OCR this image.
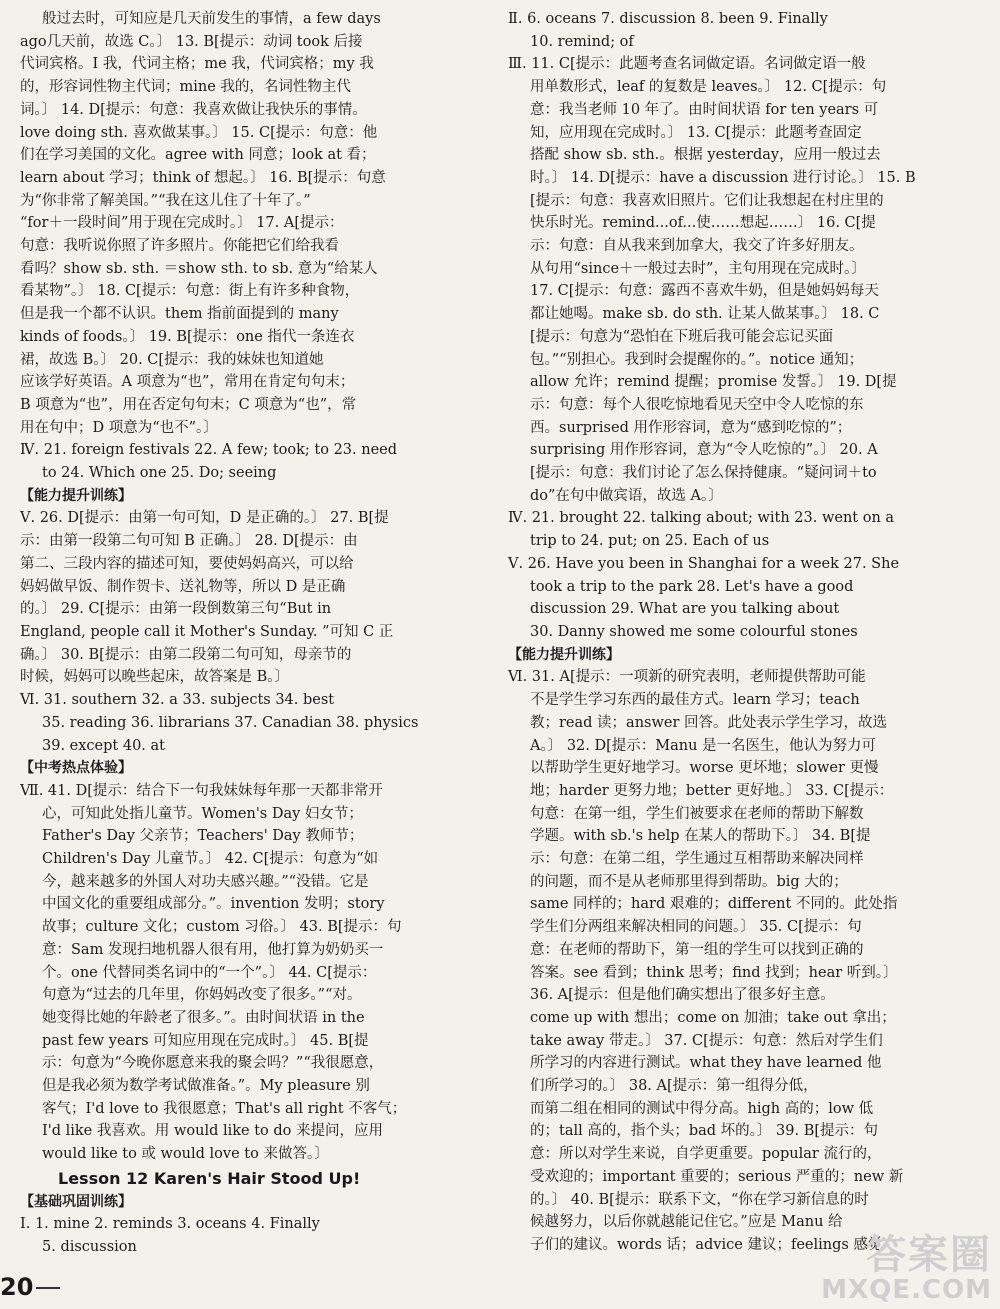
般过去时，可知应是几天前发生的事情，a few days

ago几天前，故选 C。〕 13. B[提示：动词 took 后接

代词宾格。I 我，代词主格；me 我，代词宾格；my 我

的，形容词性物主代词；mine 我的，名词性物主代

词。〕 14. D[提示：句意：我喜欢做让我快乐的事情。

love doing sth. 喜欢做某事。〕 15. C[提示：句意：他

们在学习美国的文化。agree with 同意；look at 看；

learn about 学习；think of 想起。〕 16. B[提示：句意

为“你非常了解美国。”“我在这儿住了十年了。”

“for＋一段时间”用于现在完成时。〕 17. A[提示：

句意：我听说你照了许多照片。你能把它们给我看

看吗？show sb. sth. ＝show sth. to sb. 意为“给某人

看某物”。〕 18. C[提示：句意：街上有许多种食物，

但是我一个都不认识。them 指前面提到的 many

kinds of foods。〕 19. B[提示：one 指代一条连衣

裙，故选 B。〕 20. C[提示：我的妹妹也知道她

应该学好英语。A 项意为“也”，常用在肯定句句末；

B 项意为“也”，用在否定句句末；C 项意为“也”，常

用在句中；D 项意为“也不”。〕

Ⅳ. 21. foreign festivals 22. A few; took; to 23. need

to 24. Which one 25. Do; seeing

【能力提升训练】

Ⅴ. 26. D[提示：由第一句可知，D 是正确的。〕 27. B[提

示：由第一段第二句可知 B 正确。〕 28. D[提示：由

第二、三段内容的描述可知，要使妈妈高兴，可以给

妈妈做早饭、制作贺卡、送礼物等，所以 D 是正确

的。〕 29. C[提示：由第一段倒数第三句“But in

England, people call it Mother's Sunday. ”可知 C 正

确。〕 30. B[提示：由第二段第二句可知，母亲节的

时候，妈妈可以晚些起床，故答案是 B。〕

Ⅵ. 31. southern 32. a 33. subjects 34. best

35. reading 36. librarians 37. Canadian 38. physics

39. except 40. at

【中考热点体验】

Ⅶ. 41. D[提示：结合下一句我妹妹每年那一天都非常开

心，可知此处指儿童节。Women's Day 妇女节；

Father's Day 父亲节；Teachers' Day 教师节；

Children's Day 儿童节。〕 42. C[提示：句意为“如

今，越来越多的外国人对功夫感兴趣。”“没错。它是

中国文化的重要组成部分。”。invention 发明；story

故事；culture 文化；custom 习俗。〕 43. B[提示：句

意：Sam 发现扫地机器人很有用，他打算为奶奶买一

个。one 代替同类名词中的“一个”。〕 44. C[提示：

句意为“过去的几年里，你妈妈改变了很多。”“对。

她变得比她的年龄老了很多。”。由时间状语 in the

past few years 可知应用现在完成时。〕 45. B[提

示：句意为“今晚你愿意来我的聚会吗？”“我很愿意，

但是我必须为数学考试做准备。”。My pleasure 别

客气；I'd love to 我很愿意；That's all right 不客气；

I'd like 我喜欢。用 would like to do 来提问，应用

would like to 或 would love to 来做答。〕

Lesson 12 Karen's Hair Stood Up!

【基础巩固训练】

Ⅰ. 1. mine 2. reminds 3. oceans 4. Finally

5. discussion

Ⅱ. 6. oceans 7. discussion 8. been 9. Finally

10. remind; of

Ⅲ. 11. C[提示：此题考查名词做定语。名词做定语一般

用单数形式，leaf 的复数是 leaves。〕 12. C[提示：句

意：我当老师 10 年了。由时间状语 for ten years 可

知，应用现在完成时。〕 13. C[提示：此题考查固定

搭配 show sb. sth.。根据 yesterday，应用一般过去

时。〕 14. D[提示：have a discussion 进行讨论。〕 15. B

[提示：句意：我喜欢旧照片。它们让我想起在村庄里的

快乐时光。remind...of...使……想起……〕 16. C[提

示：句意：自从我来到加拿大，我交了许多好朋友。

从句用“since＋一般过去时”，主句用现在完成时。〕

17. C[提示：句意：露西不喜欢牛奶，但是她妈妈每天

都让她喝。make sb. do sth. 让某人做某事。〕 18. C

[提示：句意为“恐怕在下班后我可能会忘记买面

包。”“别担心。我到时会提醒你的。”。notice 通知；

allow 允许；remind 提醒；promise 发誓。〕 19. D[提

示：句意：每个人很吃惊地看见天空中令人吃惊的东

西。surprised 用作形容词，意为“感到吃惊的”；

surprising 用作形容词，意为“令人吃惊的”。〕 20. A

[提示：句意：我们讨论了怎么保持健康。“疑问词＋to

do”在句中做宾语，故选 A。〕

Ⅳ. 21. brought 22. talking about; with 23. went on a

trip to 24. put; on 25. Each of us

Ⅴ. 26. Have you been in Shanghai for a week 27. She

took a trip to the park 28. Let's have a good

discussion 29. What are you talking about

30. Danny showed me some colourful stones

【能力提升训练】

Ⅵ. 31. A[提示：一项新的研究表明，老师提供帮助可能

不是学生学习东西的最佳方式。learn 学习；teach

教；read 读；answer 回答。此处表示学生学习，故选

A。〕 32. D[提示：Manu 是一名医生，他认为努力可

以帮助学生更好地学习。worse 更坏地；slower 更慢

地；harder 更努力地；better 更好地。〕 33. C[提示：

句意：在第一组，学生们被要求在老师的帮助下解数

学题。with sb.'s help 在某人的帮助下。〕 34. B[提

示：句意：在第二组，学生通过互相帮助来解决同样

的问题，而不是从老师那里得到帮助。big 大的；

same 同样的；hard 艰难的；different 不同的。此处指

学生们分两组来解决相同的问题。〕 35. C[提示：句

意：在老师的帮助下，第一组的学生可以找到正确的

答案。see 看到；think 思考；find 找到；hear 听到。〕

36. A[提示：但是他们确实想出了很多好主意。

come up with 想出；come on 加油；take out 拿出；

take away 带走。〕 37. C[提示：句意：然后对学生们

所学习的内容进行测试。what they have learned 他

们所学习的。〕 38. A[提示：第一组得分低，

而第二组在相同的测试中得分高。high 高的；low 低

的；tall 高的，指个头；bad 坏的。〕 39. B[提示：句

意：所以对学生来说，自学更重要。popular 流行的，

受欢迎的；important 重要的；serious 严重的；new 新

的。〕 40. B[提示：联系下文，“你在学习新信息的时

候越努力，以后你就越能记住它。”应是 Manu 给

子们的建议。words 话；advice 建议；feelings 感觉

20
答案圈
MXQE.COM
